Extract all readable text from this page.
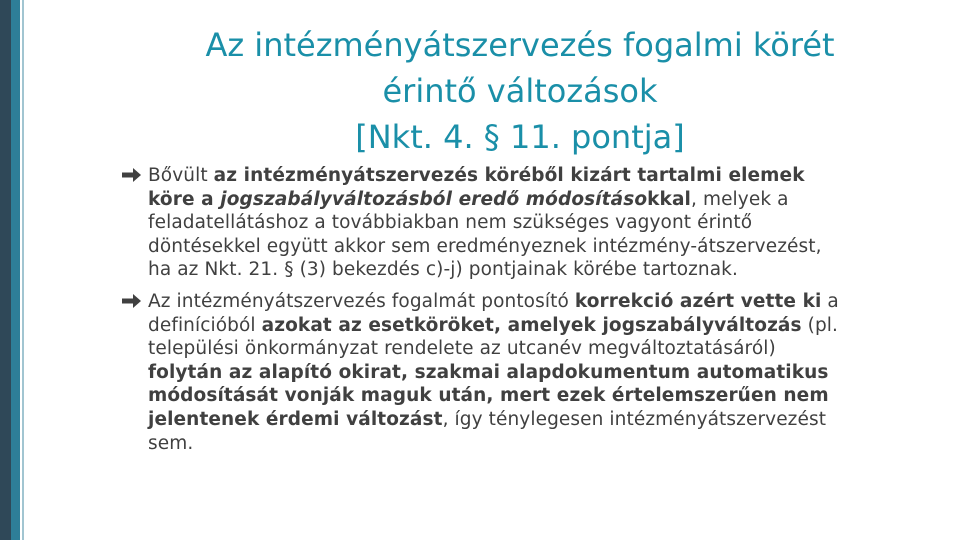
Az intézményátszervezés fogalmi körét
érintő változások
[Nkt. 4. § 11. pontja]

Bővült az intézményátszervezés köréből kizárt tartalmi elemek köre a jogszabályváltozásból eredő módosításokkal, melyek a feladatellátáshoz a továbbiakban nem szükséges vagyont érintő döntésekkel együtt akkor sem eredményeznek intézmény-átszervezést, ha az Nkt. 21. § (3) bekezdés c)-j) pontjainak körébe tartoznak.

Az intézményátszervezés fogalmát pontosító korrekció azért vette ki a definícióból azokat az esetköröket, amelyek jogszabályváltozás (pl. települési önkormányzat rendelete az utcanév megváltoztatásáról) folytán az alapító okirat, szakmai alapdokumentum automatikus módosítását vonják maguk után, mert ezek értelemszerűen nem jelentenek érdemi változást, így ténylegesen intézményátszervezést sem.
